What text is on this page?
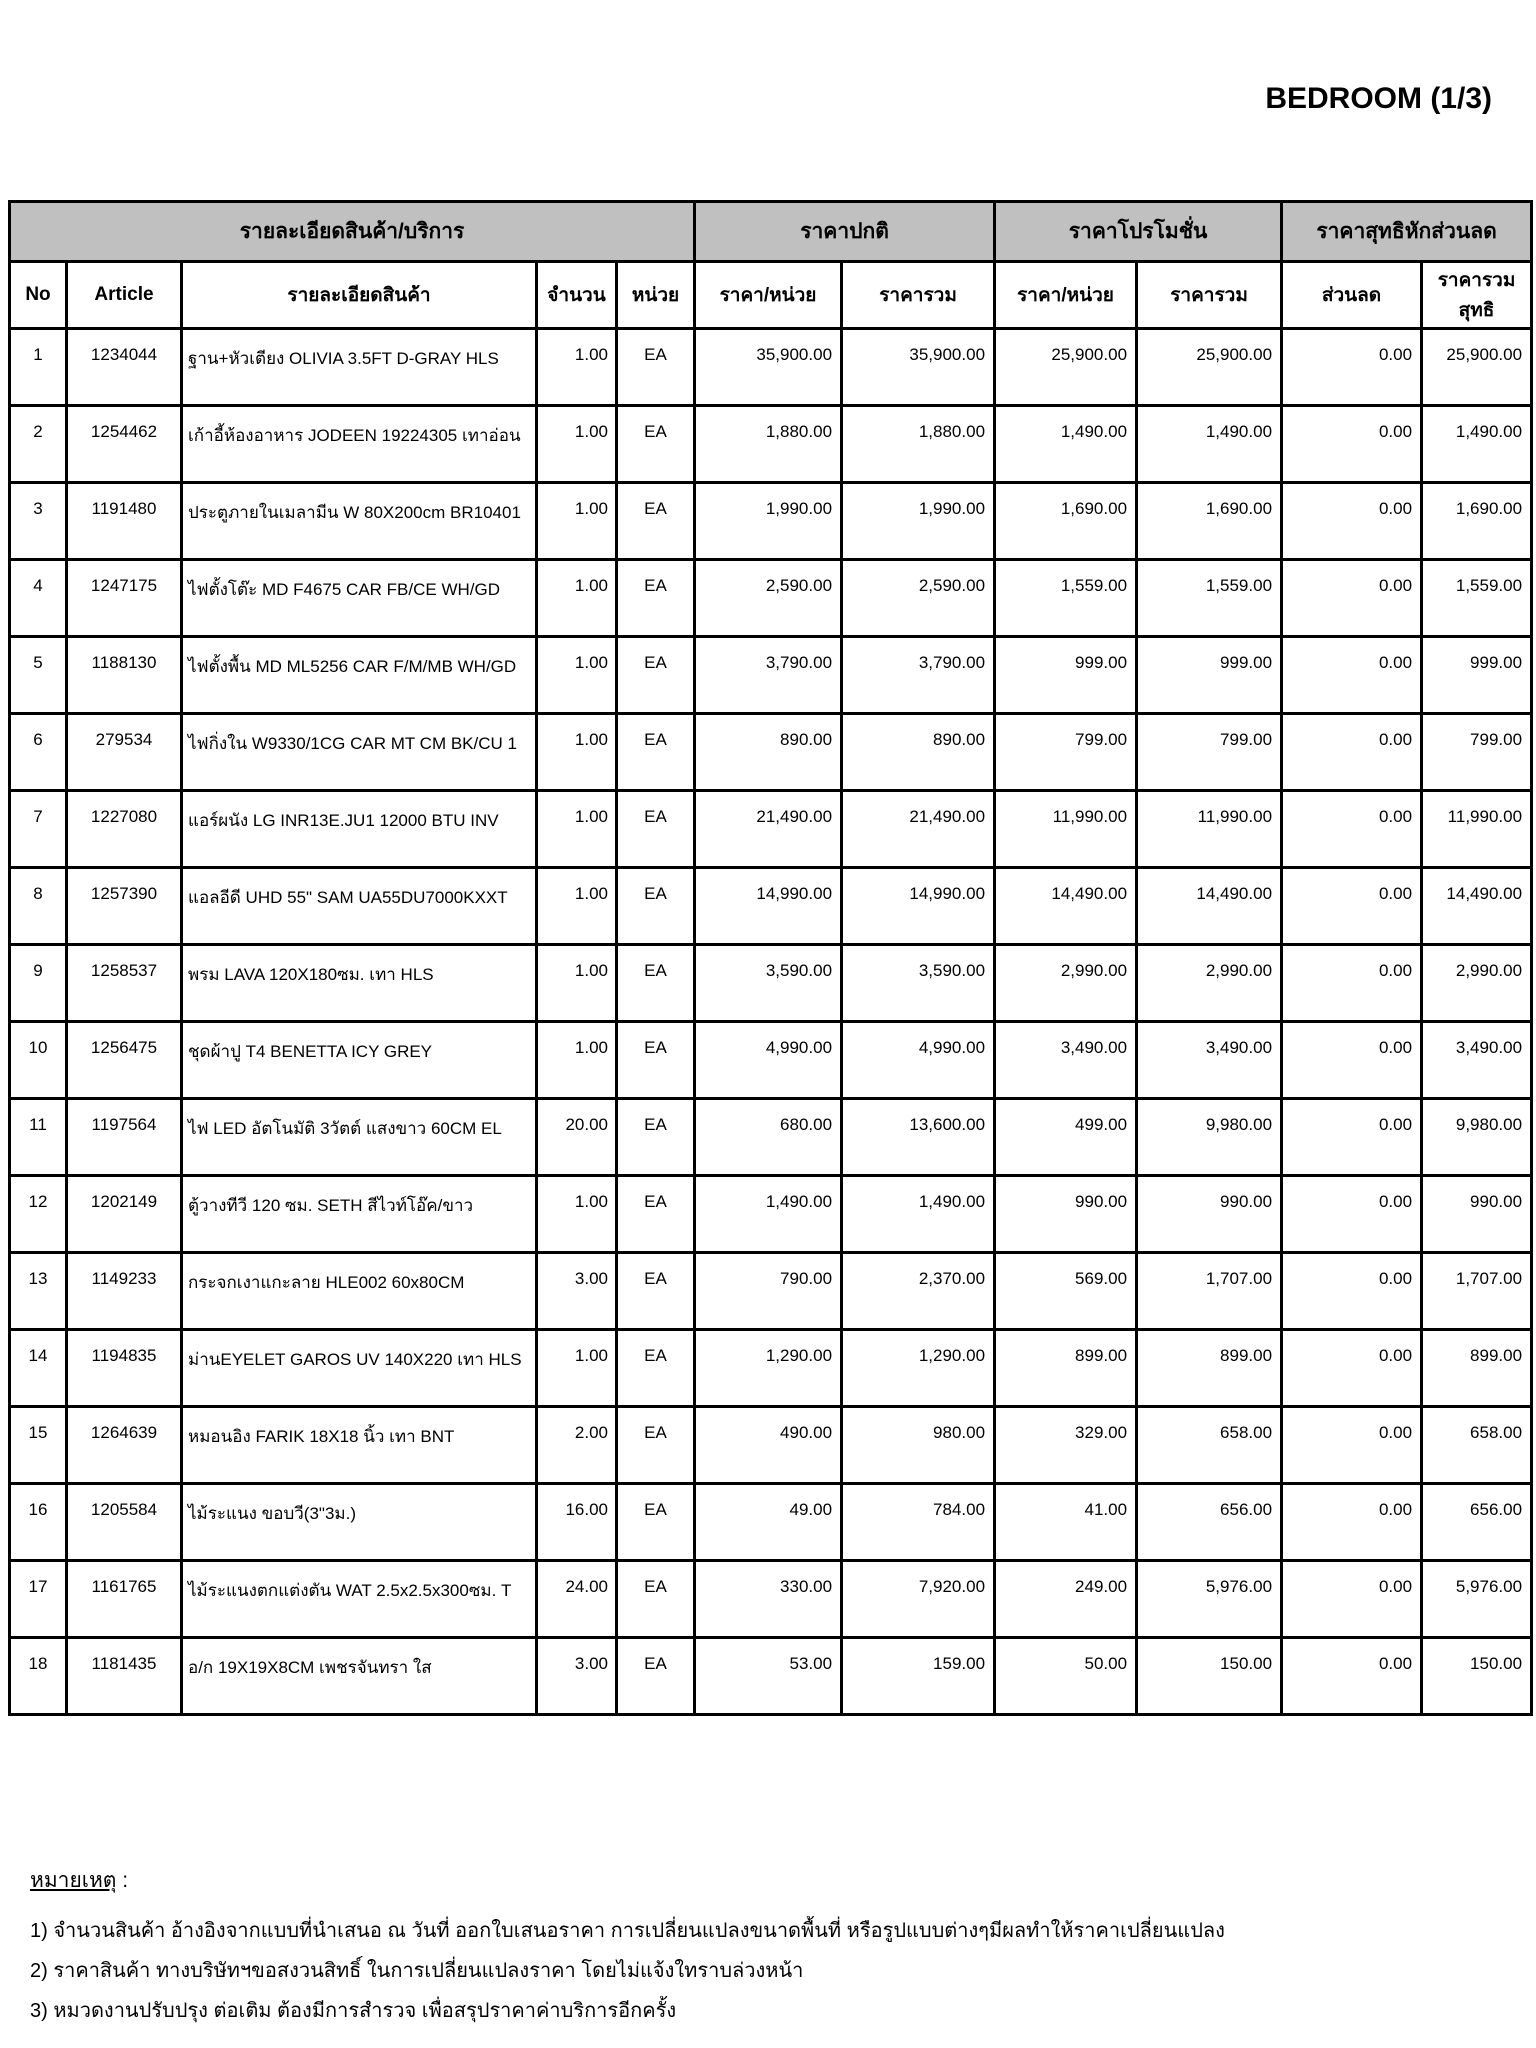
BEDROOM (1/3)
รายละเอียดสินค้า/บริการ					ราคาปกติ		ราคาโปรโมชั่น		ราคาสุทธิหักส่วนลด	
No	Article	รายละเอียดสินค้า	จำนวน	หน่วย	ราคา/หน่วย	ราคารวม	ราคา/หน่วย	ราคารวม	ส่วนลด	ราคารวมสุทธิ
1	1234044	ฐาน+หัวเตียง OLIVIA 3.5FT D-GRAY HLS	1.00	EA	35,900.00	35,900.00	25,900.00	25,900.00	0.00	25,900.00
2	1254462	เก้าอี้ห้องอาหาร JODEEN 19224305 เทาอ่อน	1.00	EA	1,880.00	1,880.00	1,490.00	1,490.00	0.00	1,490.00
3	1191480	ประตูภายในเมลามีน W 80X200cm BR10401	1.00	EA	1,990.00	1,990.00	1,690.00	1,690.00	0.00	1,690.00
4	1247175	ไฟตั้งโต๊ะ MD F4675 CAR FB/CE WH/GD	1.00	EA	2,590.00	2,590.00	1,559.00	1,559.00	0.00	1,559.00
5	1188130	ไฟตั้งพื้น MD ML5256 CAR F/M/MB WH/GD	1.00	EA	3,790.00	3,790.00	999.00	999.00	0.00	999.00
6	279534	ไฟกิ่งใน W9330/1CG CAR MT CM BK/CU 1	1.00	EA	890.00	890.00	799.00	799.00	0.00	799.00
7	1227080	แอร์ผนัง LG INR13E.JU1 12000 BTU INV	1.00	EA	21,490.00	21,490.00	11,990.00	11,990.00	0.00	11,990.00
8	1257390	แอลอีดี UHD 55" SAM UA55DU7000KXXT	1.00	EA	14,990.00	14,990.00	14,490.00	14,490.00	0.00	14,490.00
9	1258537	พรม LAVA 120X180ซม. เทา HLS	1.00	EA	3,590.00	3,590.00	2,990.00	2,990.00	0.00	2,990.00
10	1256475	ชุดผ้าปู T4 BENETTA ICY GREY	1.00	EA	4,990.00	4,990.00	3,490.00	3,490.00	0.00	3,490.00
11	1197564	ไฟ LED อัตโนมัติ 3วัตต์ แสงขาว 60CM EL	20.00	EA	680.00	13,600.00	499.00	9,980.00	0.00	9,980.00
12	1202149	ตู้วางทีวี 120 ซม. SETH สีไวท์โอ๊ค/ขาว	1.00	EA	1,490.00	1,490.00	990.00	990.00	0.00	990.00
13	1149233	กระจกเงาแกะลาย HLE002 60x80CM	3.00	EA	790.00	2,370.00	569.00	1,707.00	0.00	1,707.00
14	1194835	ม่านEYELET GAROS UV 140X220 เทา HLS	1.00	EA	1,290.00	1,290.00	899.00	899.00	0.00	899.00
15	1264639	หมอนอิง FARIK 18X18 นิ้ว เทา BNT	2.00	EA	490.00	980.00	329.00	658.00	0.00	658.00
16	1205584	ไม้ระแนง ขอบวี(3"3ม.)	16.00	EA	49.00	784.00	41.00	656.00	0.00	656.00
17	1161765	ไม้ระแนงตกแต่งตัน WAT 2.5x2.5x300ซม. T	24.00	EA	330.00	7,920.00	249.00	5,976.00	0.00	5,976.00
18	1181435	อ/ก 19X19X8CM เพชรจันทรา ใส	3.00	EA	53.00	159.00	50.00	150.00	0.00	150.00
หมายเหตุ :

1) จำนวนสินค้า อ้างอิงจากแบบที่นำเสนอ ณ วันที่ ออกใบเสนอราคา การเปลี่ยนแปลงขนาดพื้นที่ หรือรูปแบบต่างๆมีผลทำให้ราคาเปลี่ยนแปลง

2) ราคาสินค้า ทางบริษัทฯขอสงวนสิทธิ์ ในการเปลี่ยนแปลงราคา โดยไม่แจ้งใทราบล่วงหน้า

3) หมวดงานปรับปรุง ต่อเติม ต้องมีการสำรวจ เพื่อสรุปราคาค่าบริการอีกครั้ง
